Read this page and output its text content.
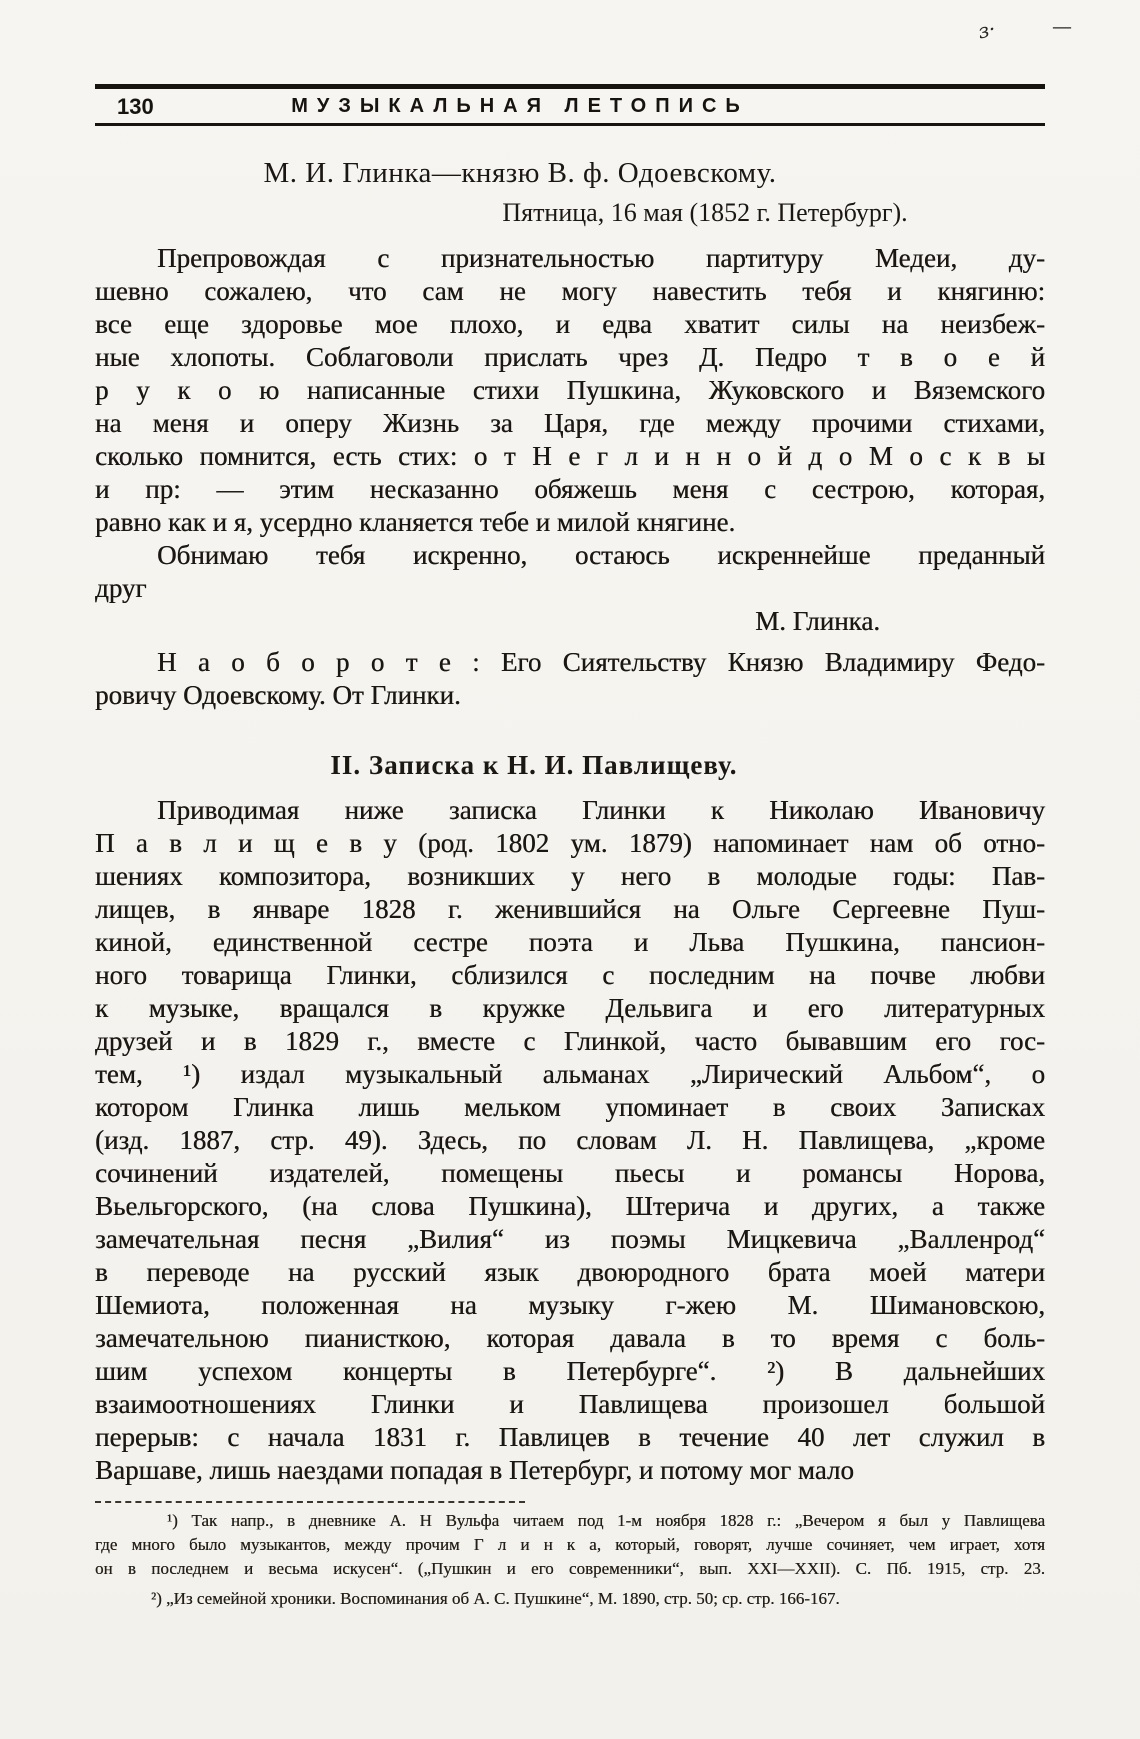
з·	—
130	МУЗЫКАЛЬНАЯ ЛЕТОПИСЬ
М. И. Глинка—князю В. ф. Одоевскому.
Пятница, 16 мая (1852 г. Петербург).
Препровождая с признательностью партитуру Медеи, ду-
шевно сожалею, что сам не могу навестить тебя и княгиню:
все еще здоровье мое плохо, и едва хватит силы на неизбеж-
ные хлопоты. Соблаговоли прислать чрез Д. Педро т в о е й
р у к о ю написанные стихи Пушкина, Жуковского и Вяземского
на меня и оперу Жизнь за Царя, где между прочими стихами,
сколько помнится, есть стих: о т Н е г л и н н о й д о М о с к в ы
и пр: — этим несказанно обяжешь меня с сестрою, которая,
равно как и я, усердно кланяется тебе и милой княгине.
Обнимаю тебя искренно, остаюсь искреннейше преданный
друг
М. Глинка.
Н а о б о р о т е : Его Сиятельству Князю Владимиру Федо-
ровичу Одоевскому. От Глинки.
II. Записка к Н. И. Павлищеву.
Приводимая ниже записка Глинки к Николаю Ивановичу
П а в л и щ е в у (род. 1802 ум. 1879) напоминает нам об отно-
шениях композитора, возникших у него в молодые годы: Пав-
лищев, в январе 1828 г. женившийся на Ольге Сергеевне Пуш-
киной, единственной сестре поэта и Льва Пушкина, пансион-
ного товарища Глинки, сблизился с последним на почве любви
к музыке, вращался в кружке Дельвига и его литературных
друзей и в 1829 г., вместе с Глинкой, часто бывавшим его гос-
тем, ¹) издал музыкальный альманах „Лирический Альбом“, о
котором Глинка лишь мельком упоминает в своих Записках
(изд. 1887, стр. 49). Здесь, по словам Л. Н. Павлищева, „кроме
сочинений издателей, помещены пьесы и романсы Норова,
Вьельгорского, (на слова Пушкина), Штерича и других, а также
замечательная песня „Вилия“ из поэмы Мицкевича „Валленрод“
в переводе на русский язык двоюродного брата моей матери
Шемиота, положенная на музыку г-жею М. Шимановскою,
замечательною пианисткою, которая давала в то время с боль-
шим успехом концерты в Петербурге“. ²) В дальнейших
взаимоотношениях Глинки и Павлищева произошел большой
перерыв: с начала 1831 г. Павлицев в течение 40 лет служил в
Варшаве, лишь наездами попадая в Петербург, и потому мог мало
¹) Так напр., в дневнике А. Н Вульфа читаем под 1-м ноября 1828 г.: „Вечером я был у Павлищева
где много было музыкантов, между прочим Г л и н к а, который, говорят, лучше сочиняет, чем играет, хотя
он в последнем и весьма искусен“. („Пушкин и его современники“, вып. XXI—XXII). С. Пб. 1915, стр. 23.
²) „Из семейной хроники. Воспоминания об А. С. Пушкине“, М. 1890, стр. 50; ср. стр. 166-167.
